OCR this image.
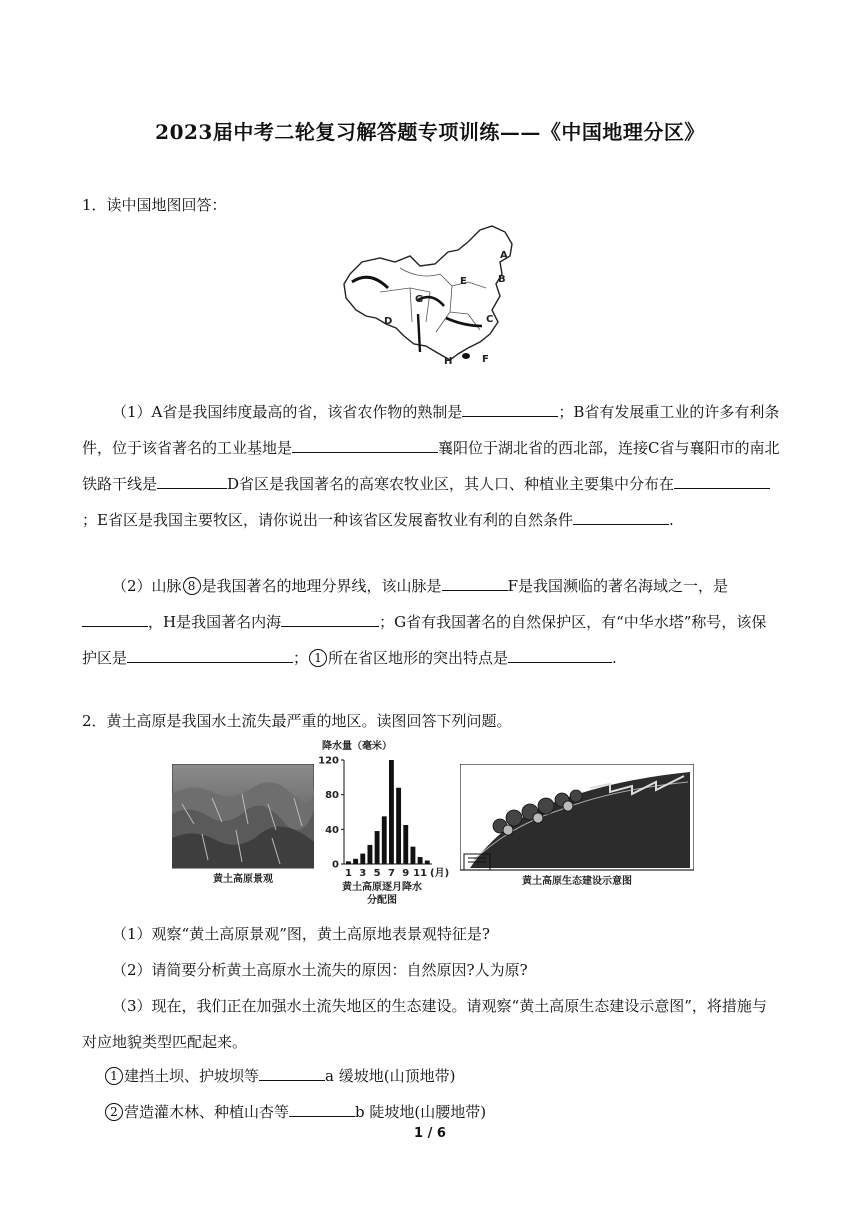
2023届中考二轮复习解答题专项训练——《中国地理分区》
1．读中国地图回答：
G
D
E
A
B
C
H	F
（1）A省是我国纬度最高的省，该省农作物的熟制是	；B省有发展重工业的许多有利条件，位于该省著名的工业基地是	襄阳位于湖北省的西北部，连接C省与襄阳市的南北铁路干线是	D省区是我国著名的高寒农牧业区，其人口、种植业主要集中分布在；E省区是我国主要牧区，请你说出一种该省区发展畜牧业有利的自然条件	.
（2）山脉 8 是我国著名的地理分界线，该山脉是	F是我国濒临的著名海域之一，是，H是我国著名内海	；G省有我国著名的自然保护区，有“中华水塔”称号，该保护区是	； 1 所在省区地形的突出特点是	.
2．黄土高原是我国水土流失最严重的地区。读图回答下列问题。
黄土高原景观
降水量（毫米）
0
40
80
120
1 3 5 7 9 11 (月)
黄土高原逐月降水
分配图
黄土高原生态建设示意图
（1）观察“黄土高原景观”图，黄土高原地表景观特征是?
（2）请简要分析黄土高原水土流失的原因：自然原因?人为原?
（3）现在，我们正在加强水土流失地区的生态建设。请观察“黄土高原生态建设示意图”，将措施与对应地貌类型匹配起来。
1 建挡土坝、护坡坝等	a 缓坡地(山顶地带)
2 营造灌木林、种植山杏等	b 陡坡地(山腰地带)
1 / 6
